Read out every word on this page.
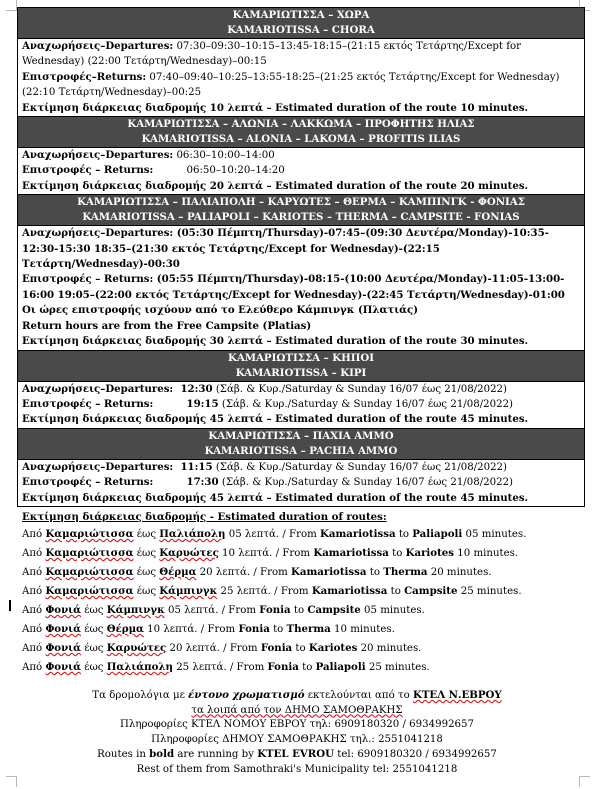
ΚΑΜΑΡΙΩΤΙΣΣΑ – ΧΩΡΑ
KAMARIOTISSA – CHORA
Αναχωρήσεις–Departures: 07:30–09:30–10:15–13:45-18:15–(21:15 εκτός Τετάρτης/Except for Wednesday) (22:00 Τετάρτη/Wednesday)–00:15
Επιστροφές–Returns: 07:40–09:40–10:25–13:55-18:25–(21:25 εκτός Τετάρτης/Except for Wednesday) (22:10 Τετάρτη/Wednesday)–00:25
Εκτίμηση διάρκειας διαδρομής 10 λεπτά – Estimated duration of the route 10 minutes.
ΚΑΜΑΡΙΩΤΙΣΣΑ – ΑΛΩΝΙΑ – ΛΑΚΚΩΜΑ – ΠΡΟΦΗΤΗΣ ΗΛΙΑΣ
KAMARIOTISSA – ALONIA – LAKOMA – PROFITIS ILIAS
Αναχωρήσεις–Departures: 06:30–10:00–14:00
Επιστροφές – Returns:	06:50–10:20–14:20
Εκτίμηση διάρκειας διαδρομής 20 λεπτά – Estimated duration of the route 20 minutes.
ΚΑΜΑΡΙΩΤΙΣΣΑ – ΠΑΛΙΑΠΟΛΗ – ΚΑΡΥΩΤΕΣ – ΘΕΡΜΑ – ΚΑΜΠΙΝΓΚ - ΦΟΝΙΑΣ
KAMARIOTISSA – PALIAPOLI – KARIOTES – THERMA – CAMPSITE - FONIAS
Αναχωρήσεις–Departures: (05:30 Πέμπτη/Thursday)-07:45–(09:30 Δευτέρα/Monday)-10:35-12:30-15:30 18:35–(21:30 εκτός Τετάρτης/Except for Wednesday)-(22:15 Τετάρτη/Wednesday)-00:30
Επιστροφές – Returns: (05:55 Πέμπτη/Thursday)-08:15-(10:00 Δευτέρα/Monday)-11:05-13:00-16:00 19:05–(22:00 εκτός Τετάρτης/Except for Wednesday)-(22:45 Τετάρτη/Wednesday)-01:00
Οι ώρες επιστροφής ισχύουν από το Ελεύθερο Κάμπινγκ (Πλατιάς)
Return hours are from the Free Campsite (Platias)
Εκτίμηση διάρκειας διαδρομής 30 λεπτά – Estimated duration of the route 30 minutes.
ΚΑΜΑΡΙΩΤΙΣΣΑ – ΚΗΠΟΙ
KAMARIOTISSA – KIPI
Αναχωρήσεις–Departures: 12:30 (Σάβ. & Κυρ./Saturday & Sunday 16/07 έως 21/08/2022)
Επιστροφές – Returns:	19:15 (Σάβ. & Κυρ./Saturday & Sunday 16/07 έως 21/08/2022)
Εκτίμηση διάρκειας διαδρομής 45 λεπτά – Estimated duration of the route 45 minutes.
ΚΑΜΑΡΙΩΤΙΣΣΑ – ΠΑΧΙΑ ΑΜΜΟ
KAMARIOTISSA – PACHIA AMMO
Αναχωρήσεις–Departures: 11:15 (Σάβ. & Κυρ./Saturday & Sunday 16/07 έως 21/08/2022)
Επιστροφές – Returns:	17:30 (Σάβ. & Κυρ./Saturday & Sunday 16/07 έως 21/08/2022)
Εκτίμηση διάρκειας διαδρομής 45 λεπτά – Estimated duration of the route 45 minutes.
Εκτίμηση διάρκειας διαδρομής - Estimated duration of routes:
Από Καμαριώτισσα έως Παλιάπολη 05 λεπτά. / From Kamariotissa to Paliapoli 05 minutes.
Από Καμαριώτισσα έως Καρυώτες 10 λεπτά. / From Kamariotissa to Kariotes 10 minutes.
Από Καμαριώτισσα έως Θέρμα 20 λεπτά. / From Kamariotissa to Therma 20 minutes.
Από Καμαριώτισσα έως Κάμπινγκ 25 λεπτά. / From Kamariotissa to Campsite 25 minutes.
Από Φονιά έως Κάμπινγκ 05 λεπτά. / From Fonia to Campsite 05 minutes.
Από Φονιά έως Θέρμα 10 λεπτά. / From Fonia to Therma 10 minutes.
Από Φονιά έως Καρυώτες 20 λεπτά. / From Fonia to Kariotes 20 minutes.
Από Φονιά έως Παλιάπολη 25 λεπτά. / From Fonia to Paliapoli 25 minutes.
Τα δρομολόγια με έντονο χρωματισμό εκτελούνται από το ΚΤΕΛ Ν.ΕΒΡΟΥ
τα λοιπά από τον ΔΗΜΟ ΣΑΜΟΘΡΑΚΗΣ
Πληροφορίες ΚΤΕΛ ΝΟΜΟΥ ΕΒΡΟΥ τηλ: 6909180320 / 6934992657
Πληροφορίες ΔΗΜΟΥ ΣΑΜΟΘΡΑΚΗΣ τηλ.: 2551041218
Routes in bold are running by KTEL EVROU tel: 6909180320 / 6934992657
Rest of them from Samothraki's Municipality tel: 2551041218
